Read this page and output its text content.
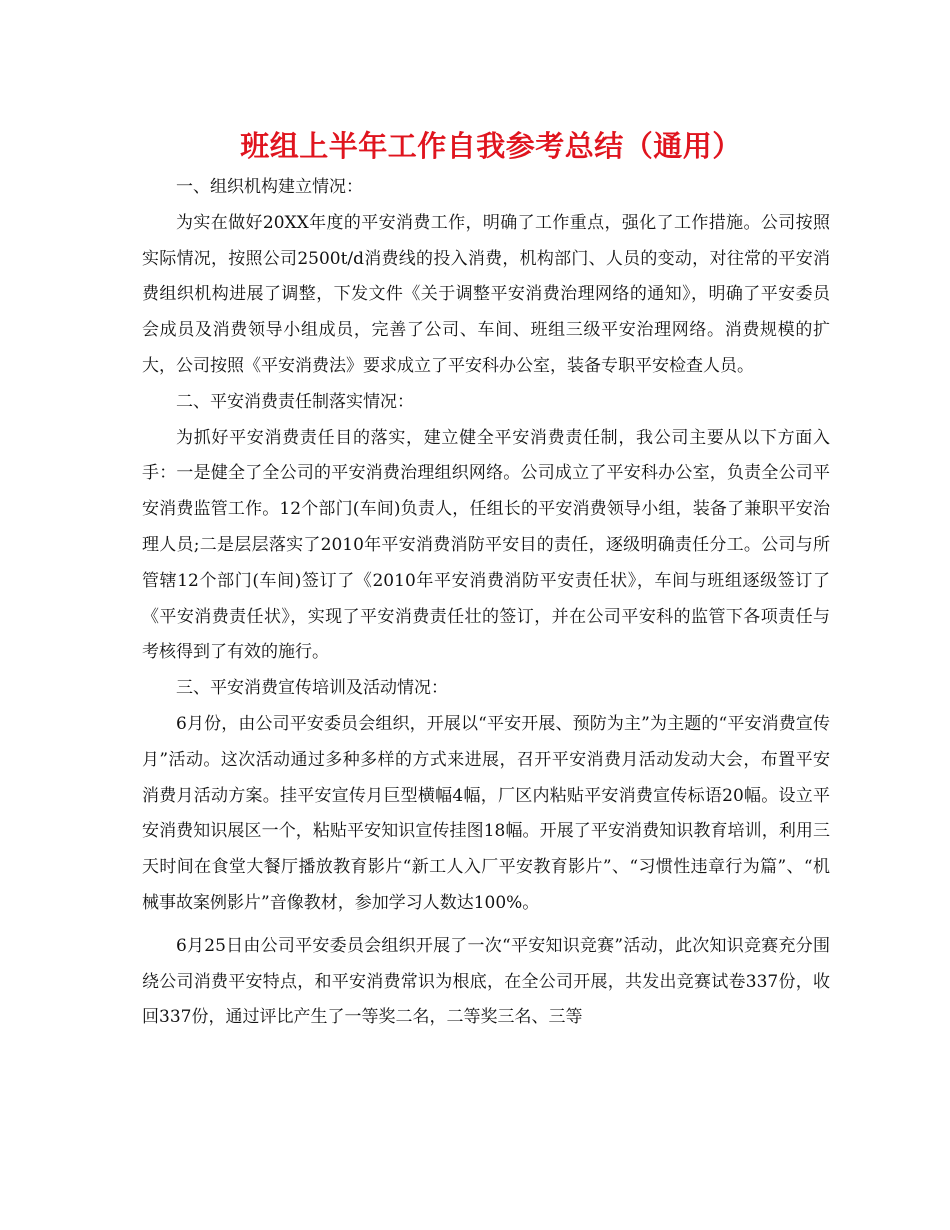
班组上半年工作自我参考总结（通用）

一、组织机构建立情况：

为实在做好20XX年度的平安消费工作，明确了工作重点，强化了工作措施。公司按照实际情况，按照公司2500t/d消费线的投入消费，机构部门、人员的变动，对往常的平安消费组织机构进展了调整，下发文件《关于调整平安消费治理网络的通知》，明确了平安委员会成员及消费领导小组成员，完善了公司、车间、班组三级平安治理网络。消费规模的扩大，公司按照《平安消费法》要求成立了平安科办公室，装备专职平安检查人员。

二、平安消费责任制落实情况：

为抓好平安消费责任目的落实，建立健全平安消费责任制，我公司主要从以下方面入手：一是健全了全公司的平安消费治理组织网络。公司成立了平安科办公室，负责全公司平安消费监管工作。12个部门(车间)负责人，任组长的平安消费领导小组，装备了兼职平安治理人员;二是层层落实了2010年平安消费消防平安目的责任，逐级明确责任分工。公司与所管辖12个部门(车间)签订了《2010年平安消费消防平安责任状》，车间与班组逐级签订了《平安消费责任状》，实现了平安消费责任壮的签订，并在公司平安科的监管下各项责任与考核得到了有效的施行。

三、平安消费宣传培训及活动情况：

6月份，由公司平安委员会组织，开展以“平安开展、预防为主”为主题的“平安消费宣传月”活动。这次活动通过多种多样的方式来进展，召开平安消费月活动发动大会，布置平安消费月活动方案。挂平安宣传月巨型横幅4幅，厂区内粘贴平安消费宣传标语20幅。设立平安消费知识展区一个，粘贴平安知识宣传挂图18幅。开展了平安消费知识教育培训，利用三天时间在食堂大餐厅播放教育影片“新工人入厂平安教育影片”、“习惯性违章行为篇”、“机械事故案例影片”音像教材，参加学习人数达100%。

6月25日由公司平安委员会组织开展了一次“平安知识竞赛”活动，此次知识竞赛充分围绕公司消费平安特点，和平安消费常识为根底，在全公司开展，共发出竞赛试卷337份，收回337份，通过评比产生了一等奖二名，二等奖三名、三等
